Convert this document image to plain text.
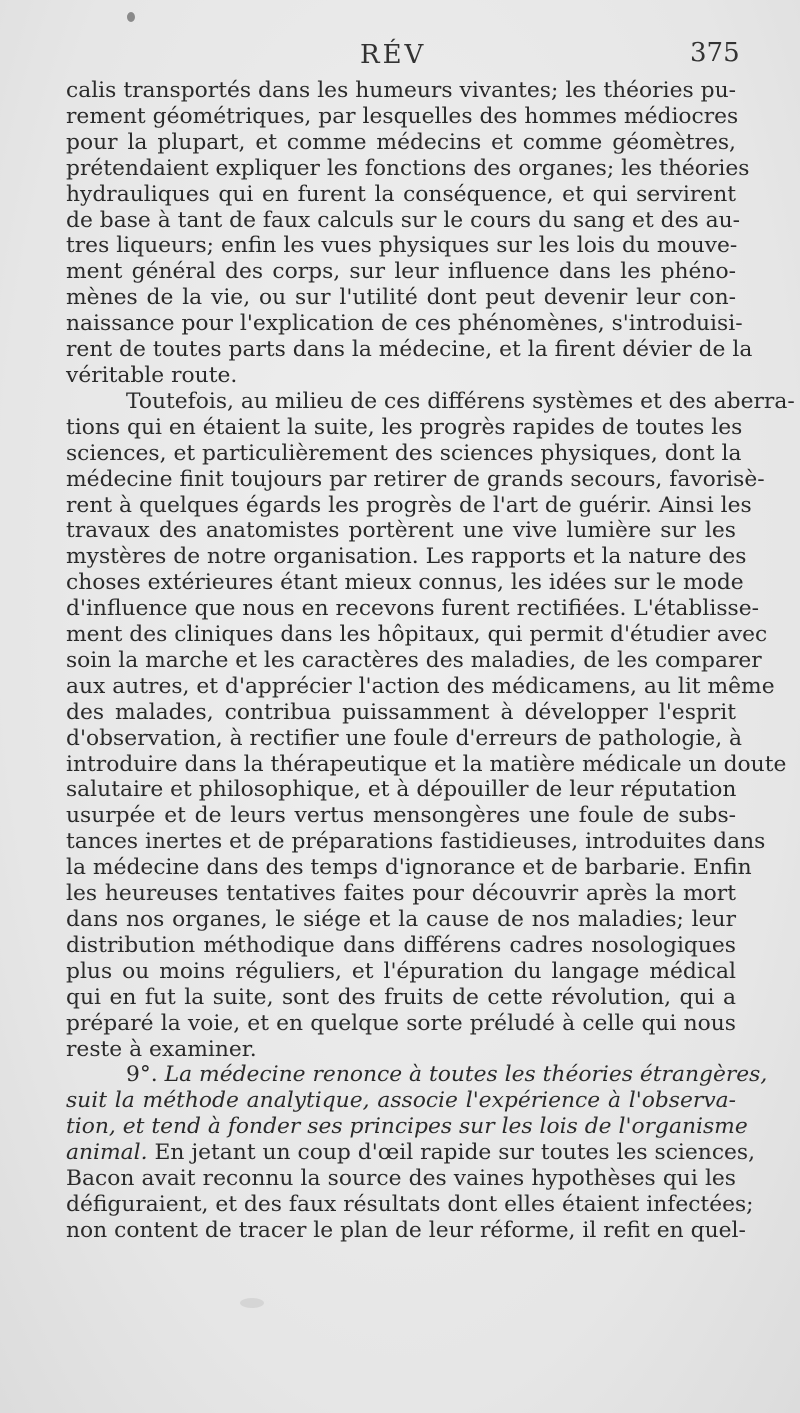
RÉV	375
calis transportés dans les humeurs vivantes; les théories pu-
rement géométriques, par lesquelles des hommes médiocres
pour la plupart, et comme médecins et comme géomètres,
prétendaient expliquer les fonctions des organes; les théories
hydrauliques qui en furent la conséquence, et qui servirent
de base à tant de faux calculs sur le cours du sang et des au-
tres liqueurs; enfin les vues physiques sur les lois du mouve-
ment général des corps, sur leur influence dans les phéno-
mènes de la vie, ou sur l'utilité dont peut devenir leur con-
naissance pour l'explication de ces phénomènes, s'introduisi-
rent de toutes parts dans la médecine, et la firent dévier de la
véritable route.
Toutefois, au milieu de ces différens systèmes et des aberra-
tions qui en étaient la suite, les progrès rapides de toutes les
sciences, et particulièrement des sciences physiques, dont la
médecine finit toujours par retirer de grands secours, favorisè-
rent à quelques égards les progrès de l'art de guérir. Ainsi les
travaux des anatomistes portèrent une vive lumière sur les
mystères de notre organisation. Les rapports et la nature des
choses extérieures étant mieux connus, les idées sur le mode
d'influence que nous en recevons furent rectifiées. L'établisse-
ment des cliniques dans les hôpitaux, qui permit d'étudier avec
soin la marche et les caractères des maladies, de les comparer
aux autres, et d'apprécier l'action des médicamens, au lit même
des malades, contribua puissamment à développer l'esprit
d'observation, à rectifier une foule d'erreurs de pathologie, à
introduire dans la thérapeutique et la matière médicale un doute
salutaire et philosophique, et à dépouiller de leur réputation
usurpée et de leurs vertus mensongères une foule de subs-
tances inertes et de préparations fastidieuses, introduites dans
la médecine dans des temps d'ignorance et de barbarie. Enfin
les heureuses tentatives faites pour découvrir après la mort
dans nos organes, le siége et la cause de nos maladies; leur
distribution méthodique dans différens cadres nosologiques
plus ou moins réguliers, et l'épuration du langage médical
qui en fut la suite, sont des fruits de cette révolution, qui a
préparé la voie, et en quelque sorte préludé à celle qui nous
reste à examiner.
9°. La médecine renonce à toutes les théories étrangères,
suit la méthode analytique, associe l'expérience à l'observa-
tion, et tend à fonder ses principes sur les lois de l'organisme
animal. En jetant un coup d'œil rapide sur toutes les sciences,
Bacon avait reconnu la source des vaines hypothèses qui les
défiguraient, et des faux résultats dont elles étaient infectées;
non content de tracer le plan de leur réforme, il refit en quel-
